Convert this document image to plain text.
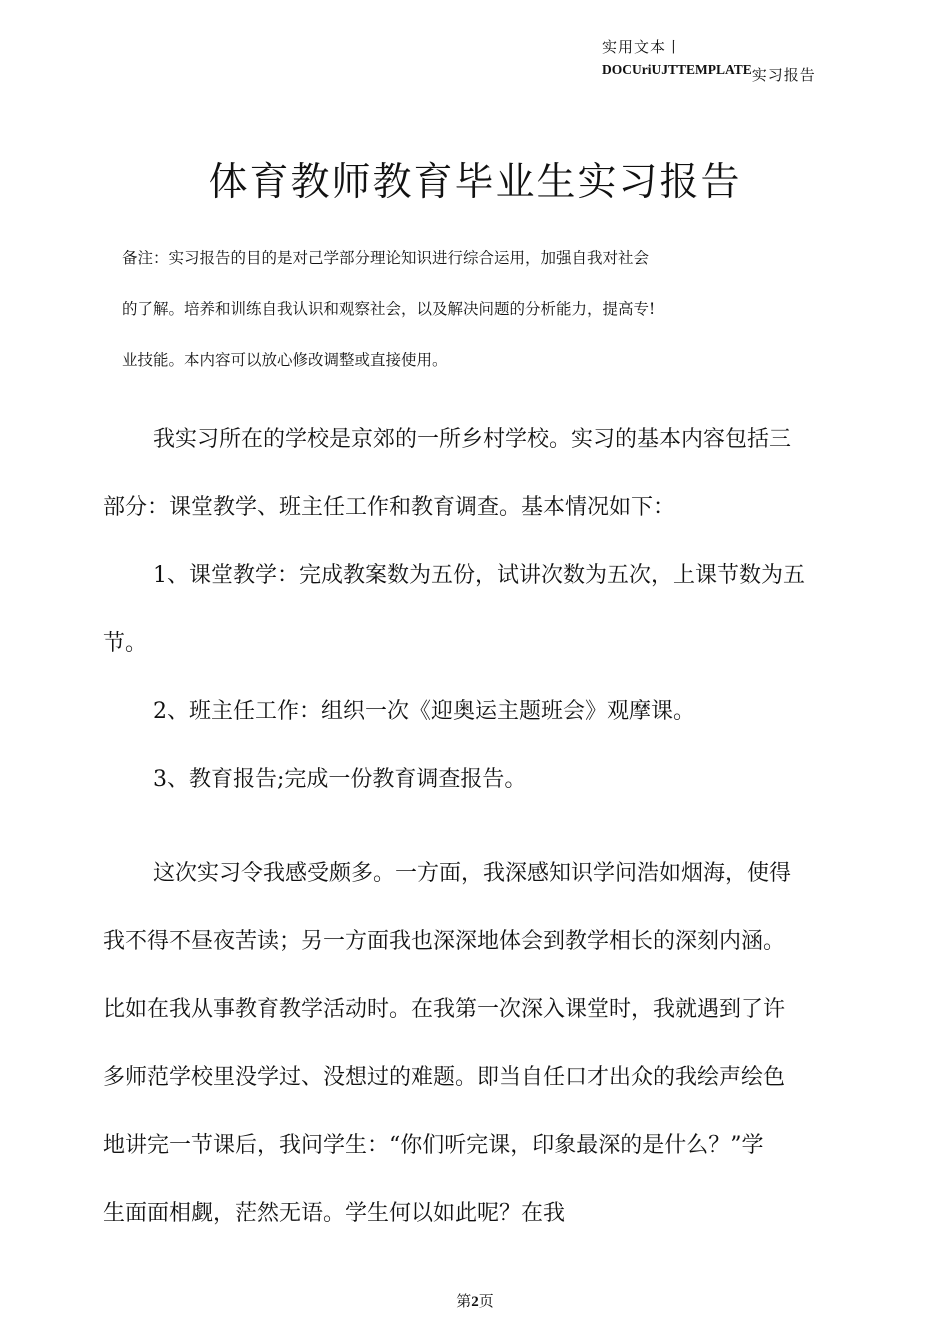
实用文本丨
DOCUriUJTTEMPLATE实习报告
体育教师教育毕业生实习报告
备注：实习报告的目的是对己学部分理论知识进行综合运用，加强自我对社会
的了解。培养和训练自我认识和观察社会，以及解决问题的分析能力，提高专!
业技能。本内容可以放心修改调整或直接使用。
我实习所在的学校是京郊的一所乡村学校。实习的基本内容包括三
部分：课堂教学、班主任工作和教育调查。基本情况如下：
1、课堂教学：完成教案数为五份，试讲次数为五次，上课节数为五
节。
2、班主任工作：组织一次《迎奥运主题班会》观摩课。
3、教育报告;完成一份教育调查报告。
这次实习令我感受颇多。一方面，我深感知识学问浩如烟海，使得
我不得不昼夜苦读；另一方面我也深深地体会到教学相长的深刻内涵。
比如在我从事教育教学活动时。在我第一次深入课堂时，我就遇到了许
多师范学校里没学过、没想过的难题。即当自任口才出众的我绘声绘色
地讲完一节课后，我问学生：“你们听完课，印象最深的是什么？”学
生面面相觑，茫然无语。学生何以如此呢？在我
第2页
